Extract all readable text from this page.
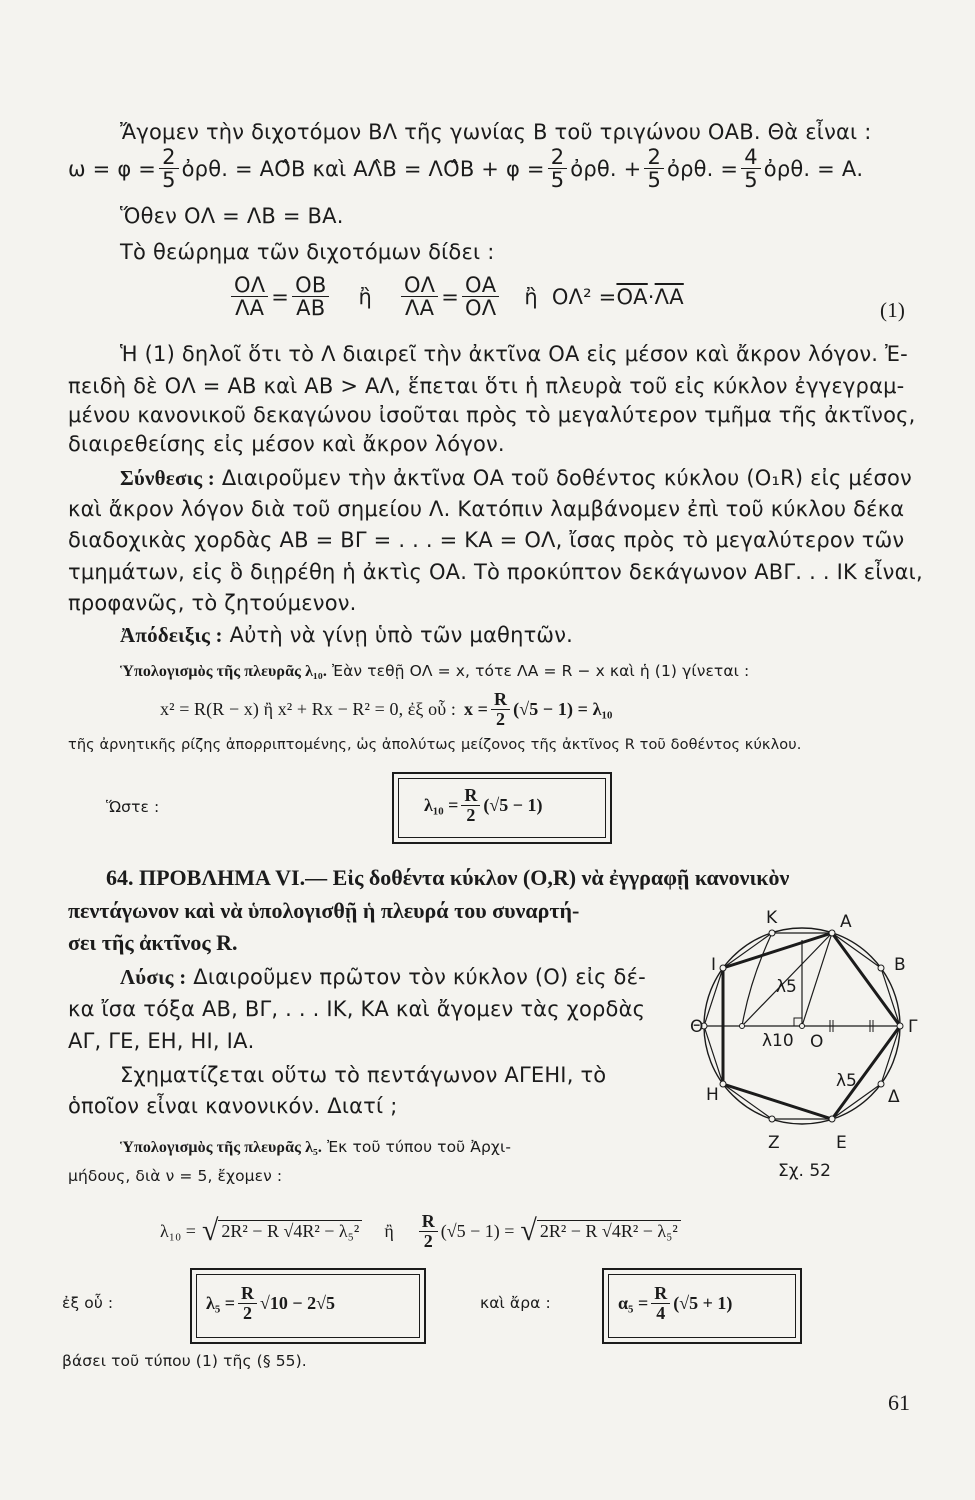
Ἄγομεν τὴν διχοτόμον ΒΛ τῆς γωνίας Β τοῦ τριγώνου ΟΑΒ. Θὰ εἶναι :
$\omega = \varphi = \frac{2}{5}$ ὀρθ. = ΑΟ̂Β καὶ ΑΛ̂Β = ΛΟ̂Β + $\varphi = \frac{2}{5}$ ὀρθ. + $\frac{2}{5}$ ὀρθ. = $\frac{4}{5}$ ὀρθ. = Α.
Ὅθεν ΟΛ = ΛΒ = ΒΑ.
Τὸ θεώρημα τῶν διχοτόμων δίδει :
$\frac{O\Lambda}{\Lambda A} = \frac{OB}{AB}$ ἢ $\frac{O\Lambda}{\Lambda A} = \frac{OA}{O\Lambda}$ ἢ $O\Lambda^2 = \overline{OA} \cdot \overline{\Lambda A}$
(1)
Ἡ (1) δηλοῖ ὅτι τὸ Λ διαιρεῖ τὴν ἀκτῖνα ΟΑ εἰς μέσον καὶ ἄκρον λόγον. Ἐ-
πειδὴ δὲ ΟΛ = ΑΒ καὶ ΑΒ > ΑΛ, ἕπεται ὅτι ἡ πλευρὰ τοῦ εἰς κύκλον ἐγγεγραμ-
μένου κανονικοῦ δεκαγώνου ἰσοῦται πρὸς τὸ μεγαλύτερον τμῆμα τῆς ἀκτῖνος,
διαιρεθείσης εἰς μέσον καὶ ἄκρον λόγον.
Σύνθεσις : Διαιροῦμεν τὴν ἀκτῖνα ΟΑ τοῦ δοθέντος κύκλου (Ο₁R) εἰς μέσον
καὶ ἄκρον λόγον διὰ τοῦ σημείου Λ. Κατόπιν λαμβάνομεν ἐπὶ τοῦ κύκλου δέκα
διαδοχικὰς χορδὰς ΑΒ = ΒΓ = . . . = ΚΑ = ΟΛ, ἴσας πρὸς τὸ μεγαλύτερον τῶν
τμημάτων, εἰς ὃ διῃρέθη ἡ ἀκτὶς ΟΑ. Τὸ προκύπτον δεκάγωνον ΑΒΓ. . . ΙΚ εἶναι,
προφανῶς, τὸ ζητούμενον.
Ἀπόδειξις : Αὐτὴ νὰ γίνῃ ὑπὸ τῶν μαθητῶν.
Ὑπολογισμὸς τῆς πλευρᾶς λ₁₀. Ἐὰν τεθῇ ΟΛ = x, τότε ΛΑ = R − x καὶ ἡ (1) γίνεται :
x² = R(R − x) ἢ x² + Rx − R² = 0, ἐξ οὗ : $x = \frac{R}{2} (√5 - 1) = \lambda_{10}$
τῆς ἀρνητικῆς ρίζης ἀπορριπτομένης, ὡς ἀπολύτως μείζονος τῆς ἀκτῖνος R τοῦ δοθέντος κύκλου.
Ὥστε :	$\lambda_{10} = \frac{R}{2} (√5 - 1)$
64. ΠΡΟΒΛΗΜΑ VI.— Εἰς δοθέντα κύκλον (Ο,R) νὰ ἐγγραφῇ κανονικὸν
πεντάγωνον καὶ νὰ ὑπολογισθῇ ἡ πλευρά του συναρτή-
σει τῆς ἀκτῖνος R.
Λύσις : Διαιροῦμεν πρῶτον τὸν κύκλον (Ο) εἰς δέ-
κα ἴσα τόξα ΑΒ, ΒΓ, . . . ΙΚ, ΚΑ καὶ ἄγομεν τὰς χορδὰς
ΑΓ, ΓΕ, ΕΗ, ΗΙ, ΙΑ.
Σχηματίζεται οὕτω τὸ πεντάγωνον ΑΓΕΗΙ, τὸ
ὁποῖον εἶναι κανονικόν. Διατί ;
Ὑπολογισμὸς τῆς πλευρᾶς λ₅. Ἐκ τοῦ τύπου τοῦ Ἀρχι-
μήδους, διὰ ν = 5, ἔχομεν :
λ₁₀ = √ 2R² − R √4R² − λ₅² ἢ $\frac{R}{2} (√5 - 1)$ = √ 2R² − R √4R² − λ₅²
ἐξ οὗ :	$\lambda_5 = \frac{R}{2} √10 - 2√5$	καὶ ἄρα :	$\alpha_5 = \frac{R}{4} (√5 + 1)$
βάσει τοῦ τύπου (1) τῆς (§ 55).
61
Κ	Α
Β
Ι
Θ	Γ
Η	Δ
Ζ	Ε
Ο
λ5
λ10
λ5
Σχ. 52
